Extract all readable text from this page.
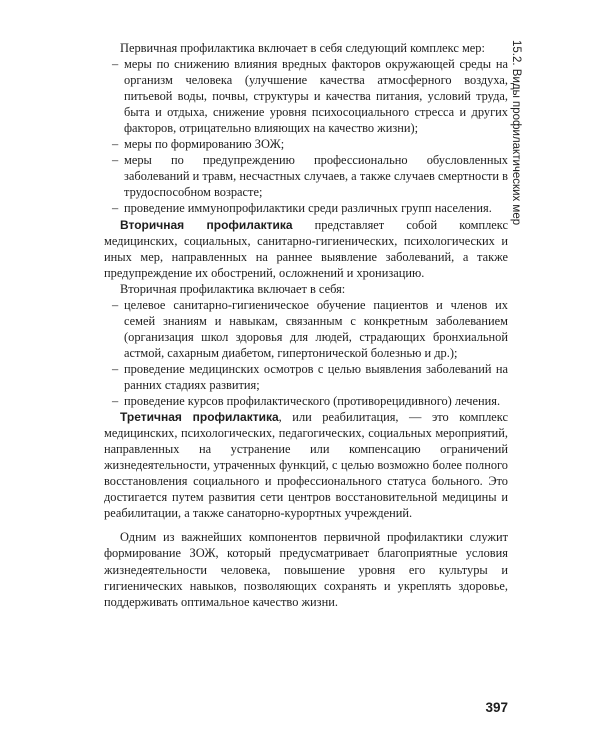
Первичная профилактика включает в себя следующий комплекс мер:

– меры по снижению влияния вредных факторов окружающей среды на организм человека (улучшение качества атмосферного воздуха, питьевой воды, почвы, структуры и качества питания, условий труда, быта и отдыха, снижение уровня психосоциального стресса и других факторов, отрицательно влияющих на качество жизни);
– меры по формированию ЗОЖ;
– меры по предупреждению профессионально обусловленных заболеваний и травм, несчастных случаев, а также случаев смертности в трудоспособном возрасте;
– проведение иммунопрофилактики среди различных групп населения.

Вторичная профилактика представляет собой комплекс медицинских, социальных, санитарно-гигиенических, психологических и иных мер, направленных на раннее выявление заболеваний, а также предупреждение их обострений, осложнений и хронизацию.

Вторичная профилактика включает в себя:

– целевое санитарно-гигиеническое обучение пациентов и членов их семей знаниям и навыкам, связанным с конкретным заболеванием (организация школ здоровья для людей, страдающих бронхиальной астмой, сахарным диабетом, гипертонической болезнью и др.);
– проведение медицинских осмотров с целью выявления заболеваний на ранних стадиях развития;
– проведение курсов профилактического (противорецидивного) лечения.

Третичная профилактика, или реабилитация, — это комплекс медицинских, психологических, педагогических, социальных мероприятий, направленных на устранение или компенсацию ограничений жизнедеятельности, утраченных функций, с целью возможно более полного восстановления социального и профессионального статуса больного. Это достигается путем развития сети центров восстановительной медицины и реабилитации, а также санаторно-курортных учреждений.

Одним из важнейших компонентов первичной профилактики служит формирование ЗОЖ, который предусматривает благоприятные условия жизнедеятельности человека, повышение уровня его культуры и гигиенических навыков, позволяющих сохранять и укреплять здоровье, поддерживать оптимальное качество жизни.

15.2. Виды профилактических мер
397
